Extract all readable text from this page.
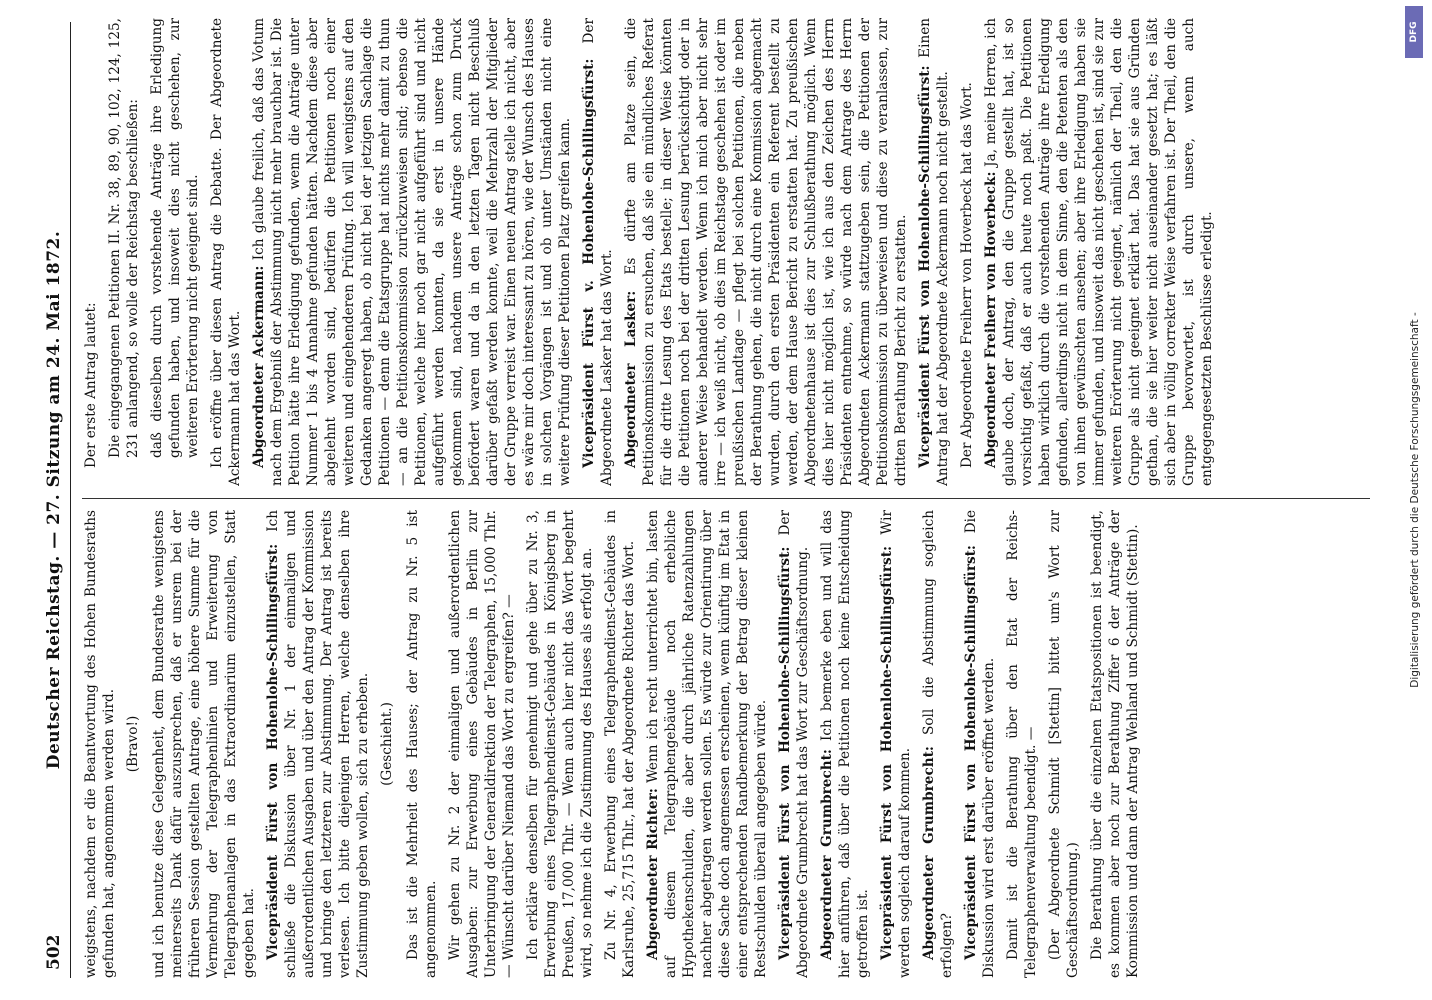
502
Deutscher Reichstag. — 27. Sitzung am 24. Mai 1872. weigstens, nachdem er die Beantwortung des Hohen Bundesraths gefunden hat, angenommen werden wird. (Bravo!) und ich benutze diese Gelegenheit, dem Bundesrathe wenigstens meinerseits Dank dafür auszusprechen, daß er unsrem bei der früheren Session gestellten Antrage, eine höhere Summe für die Vermehrung der Telegraphenlinien und Erweiterung von Telegraphenanlagen in das Extraordinarium einzustellen, Statt gegeben hat. Vicepräsident Fürst von Hohenlohe-Schillingsfürst: Ich schließe die Diskussion über Nr. 1 der einmaligen und außerordentlichen Ausgaben und über den Antrag der Kommission und bringe den letzteren zur Abstimmung. Der Antrag ist bereits verlesen. Ich bitte diejenigen Herren, welche denselben ihre Zustimmung geben wollen, sich zu erheben. (Geschieht.) Das ist die Mehrheit des Hauses; der Antrag zu Nr. 5 ist angenommen. Wir gehen zu Nr. 2 der einmaligen und außerordentlichen Ausgaben: zur Erwerbung eines Gebäudes in Berlin zur Unterbringung der Generaldirektion der Telegraphen, 15,000 Thlr. — Wünscht darüber Niemand das Wort zu ergreifen? — Ich erkläre denselben für genehmigt und gehe über zu Nr. 3, Erwerbung eines Telegraphendienst-Gebäudes in Königsberg in Preußen, 17,000 Thlr. — Wenn auch hier nicht das Wort begehrt wird, so nehme ich die Zustimmung des Hauses als erfolgt an. Zu Nr. 4, Erwerbung eines Telegraphendienst-Gebäudes in Karlsruhe, 25,715 Thlr., hat der Abgeordnete Richter das Wort. Abgeordneter Richter: Wenn ich recht unterrichtet bin, lasten auf diesem Telegraphengebäude noch erhebliche Hypothekenschulden, die aber durch jährliche Ratenzahlungen nachher abgetragen werden sollen. Es würde zur Orientirung über diese Sache doch angemessen erscheinen, wenn künftig im Etat in einer entsprechenden Randbemerkung der Betrag dieser kleinen Restschulden überall angegeben würde. Vicepräsident Fürst von Hohenlohe-Schillingsfürst: Der Abgeordnete Grumbrecht hat das Wort zur Geschäftsordnung. Abgeordneter Grumbrecht: Ich bemerke eben und will das hier anführen, daß über die Petitionen noch keine Entscheidung getroffen ist. Vicepräsident Fürst von Hohenlohe-Schillingsfürst: Wir werden sogleich darauf kommen. Abgeordneter Grumbrecht: Soll die Abstimmung sogleich erfolgen? Vicepräsident Fürst von Hohenlohe-Schillingsfürst: Die Diskussion wird erst darüber eröffnet werden. Damit ist die Berathung über den Etat der Reichs-Telegraphenverwaltung beendigt. — (Der Abgeordnete Schmidt [Stettin] bittet um's Wort zur Geschäftsordnung.) Die Berathung über die einzelnen Etatspositionen ist beendigt, es kommen aber noch zur Berathung Ziffer 6 der Anträge der Kommission und dann der Antrag Wehland und Schmidt (Stettin).

Der erste Antrag lautet: Die eingegangenen Petitionen II. Nr. 38, 89, 90, 102, 124, 125, 231 anlangend, so wolle der Reichstag beschließen: daß dieselben durch vorstehende Anträge ihre Erledigung gefunden haben, und insoweit dies nicht geschehen, zur weiteren Erörterung nicht geeignet sind. Ich eröffne über diesen Antrag die Debatte. Der Abgeordnete Ackermann hat das Wort. Abgeordneter Ackermann: Ich glaube freilich, daß das Votum nach dem Ergebniß der Abstimmung nicht mehr brauchbar ist. Die Petition hätte ihre Erledigung gefunden, wenn die Anträge unter Nummer 1 bis 4 Annahme gefunden hätten. Nachdem diese aber abgelehnt worden sind, bedürfen die Petitionen noch einer weiteren und eingehenderen Prüfung. Ich will wenigstens auf den Gedanken angeregt haben, ob nicht bei der jetzigen Sachlage die Petitionen — denn die Etatsgruppe hat nichts mehr damit zu thun — an die Petitionskommission zurückzuweisen sind; ebenso die Petitionen, welche hier noch gar nicht aufgeführt sind und nicht aufgeführt werden konnten, da sie erst in unsere Hände gekommen sind, nachdem unsere Anträge schon zum Druck befördert waren und da in den letzten Tagen nicht Beschluß darüber gefaßt werden konnte, weil die Mehrzahl der Mitglieder der Gruppe verreist war. Einen neuen Antrag stelle ich nicht, aber es wäre mir doch interessant zu hören, wie der Wunsch des Hauses in solchen Vorgängen ist und ob unter Umständen nicht eine weitere Prüfung dieser Petitionen Platz greifen kann. Vicepräsident Fürst v. Hohenlohe-Schillingsfürst: Der Abgeordnete Lasker hat das Wort. Abgeordneter Lasker: Es dürfte am Platze sein, die Petitionskommission zu ersuchen, daß sie ein mündliches Referat für die dritte Lesung des Etats bestelle; in dieser Weise könnten die Petitionen noch bei der dritten Lesung berücksichtigt oder in anderer Weise behandelt werden. Wenn ich mich aber nicht sehr irre — ich weiß nicht, ob dies im Reichstage geschehen ist oder im preußischen Landtage — pflegt bei solchen Petitionen, die neben der Berathung gehen, die nicht durch eine Kommission abgemacht wurden, durch den ersten Präsidenten ein Referent bestellt zu werden, der dem Hause Bericht zu erstatten hat. Zu preußischen Abgeordnetenhause ist dies zur Schlußberathung möglich. Wenn dies hier nicht möglich ist, wie ich aus den Zeichen des Herrn Präsidenten entnehme, so würde nach dem Antrage des Herrn Abgeordneten Ackermann stattzugeben sein, die Petitionen der Petitionskommission zu überweisen und diese zu veranlassen, zur dritten Berathung Bericht zu erstatten. Vicepräsident Fürst von Hohenlohe-Schillingsfürst: Einen Antrag hat der Abgeordnete Ackermann noch nicht gestellt. Der Abgeordnete Freiherr von Hoverbeck hat das Wort. Abgeordneter Freiherr von Hoverbeck: Ja, meine Herren, ich glaube doch, der Antrag, den die Gruppe gestellt hat, ist so vorsichtig gefaßt, daß er auch heute noch paßt. Die Petitionen haben wirklich durch die vorstehenden Anträge ihre Erledigung gefunden, allerdings nicht in dem Sinne, den die Petenten als den von ihnen gewünschten ansehen; aber ihre Erledigung haben sie immer gefunden, und insoweit das nicht geschehen ist, sind sie zur weiteren Erörterung nicht geeignet, nämlich der Theil, den die Gruppe als nicht geeignet erklärt hat. Das hat sie aus Gründen gethan, die sie hier weiter nicht auseinander gesetzt hat; es läßt sich aber in völlig correkter Weise verfahren ist. Der Theil, den die Gruppe bevorwortet, ist durch unsere, wenn auch entgegengesetzten Beschlüsse erledigt.	Digitalisierung gefördert durch die Deutsche Forschungsgemeinschaft -
DFG
